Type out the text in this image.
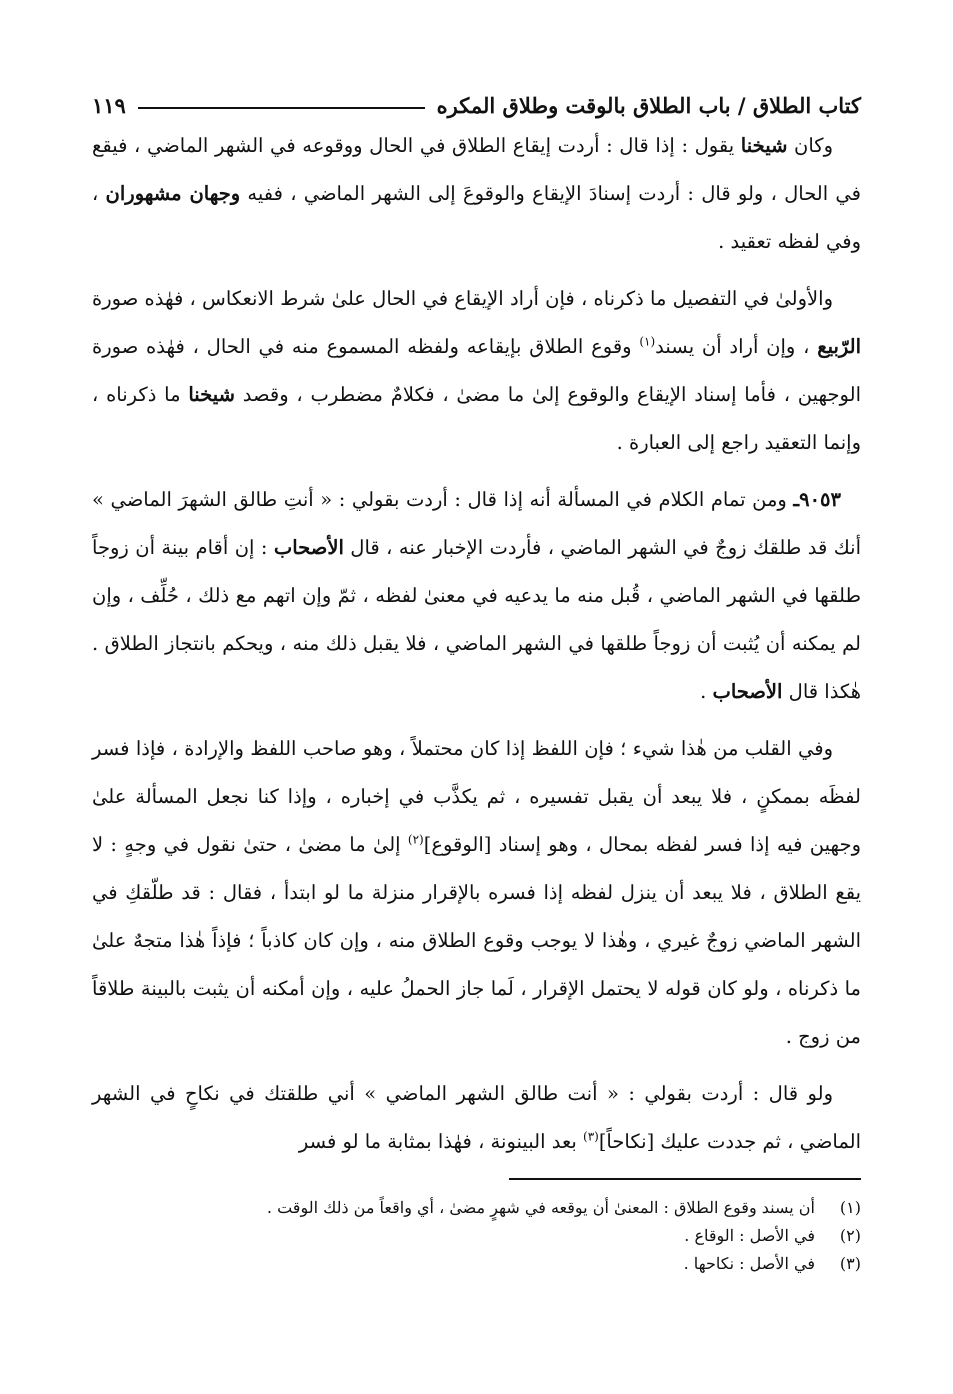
كتاب الطلاق / باب الطلاق بالوقت وطلاق المكره
١١٩

وكان شيخنا يقول : إذا قال : أردت إيقاع الطلاق في الحال ووقوعه في الشهر الماضي ، فيقع في الحال ، ولو قال : أردت إسنادَ الإيقاع والوقوعَ إلى الشهر الماضي ، ففيه وجهان مشهوران ، وفي لفظه تعقيد .

والأولىٰ في التفصيل ما ذكرناه ، فإن أراد الإيقاع في الحال علىٰ شرط الانعكاس ، فهٰذه صورة الرّبيع ، وإن أراد أن يسند$^{(١)}$ وقوع الطلاق بإيقاعه ولفظه المسموع منه في الحال ، فهٰذه صورة الوجهين ، فأما إسناد الإيقاع والوقوع إلىٰ ما مضىٰ ، فكلامٌ مضطرب ، وقصد شيخنا ما ذكرناه ، وإنما التعقيد راجع إلى العبارة .

٩٠٥٣ـ ومن تمام الكلام في المسألة أنه إذا قال : أردت بقولي : « أنتِ طالق الشهرَ الماضي » أنك قد طلقك زوجٌ في الشهر الماضي ، فأردت الإخبار عنه ، قال الأصحاب : إن أقام بينة أن زوجاً طلقها في الشهر الماضي ، قُبل منه ما يدعيه في معنىٰ لفظه ، ثمّ وإن اتهم مع ذلك ، حُلِّف ، وإن لم يمكنه أن يُثبت أن زوجاً طلقها في الشهر الماضي ، فلا يقبل ذلك منه ، ويحكم بانتجاز الطلاق . هٰكذا قال الأصحاب .

وفي القلب من هٰذا شيء ؛ فإن اللفظ إذا كان محتملاً ، وهو صاحب اللفظ والإرادة ، فإذا فسر لفظَه بممكنٍ ، فلا يبعد أن يقبل تفسيره ، ثم يكذَّب في إخباره ، وإذا كنا نجعل المسألة علىٰ وجهين فيه إذا فسر لفظه بمحال ، وهو إسناد [الوقوع]$^{(٢)}$ إلىٰ ما مضىٰ ، حتىٰ نقول في وجهٍ : لا يقع الطلاق ، فلا يبعد أن ينزل لفظه إذا فسره بالإقرار منزلة ما لو ابتدأ ، فقال : قد طلّقكِ في الشهر الماضي زوجٌ غيري ، وهٰذا لا يوجب وقوع الطلاق منه ، وإن كان كاذباً ؛ فإذاً هٰذا متجهٌ علىٰ ما ذكرناه ، ولو كان قوله لا يحتمل الإقرار ، لَما جاز الحملُ عليه ، وإن أمكنه أن يثبت بالبينة طلاقاً من زوج .

ولو قال : أردت بقولي : « أنت طالق الشهر الماضي » أني طلقتك في نكاحٍ في الشهر الماضي ، ثم جددت عليك [نكاحاً]$^{(٣)}$ بعد البينونة ، فهٰذا بمثابة ما لو فسر

(١)
أن يسند وقوع الطلاق : المعنىٰ أن يوقعه في شهرٍ مضىٰ ، أي واقعاً من ذلك الوقت .
(٢)
في الأصل : الوقاع .
(٣)
في الأصل : نكاحها .
